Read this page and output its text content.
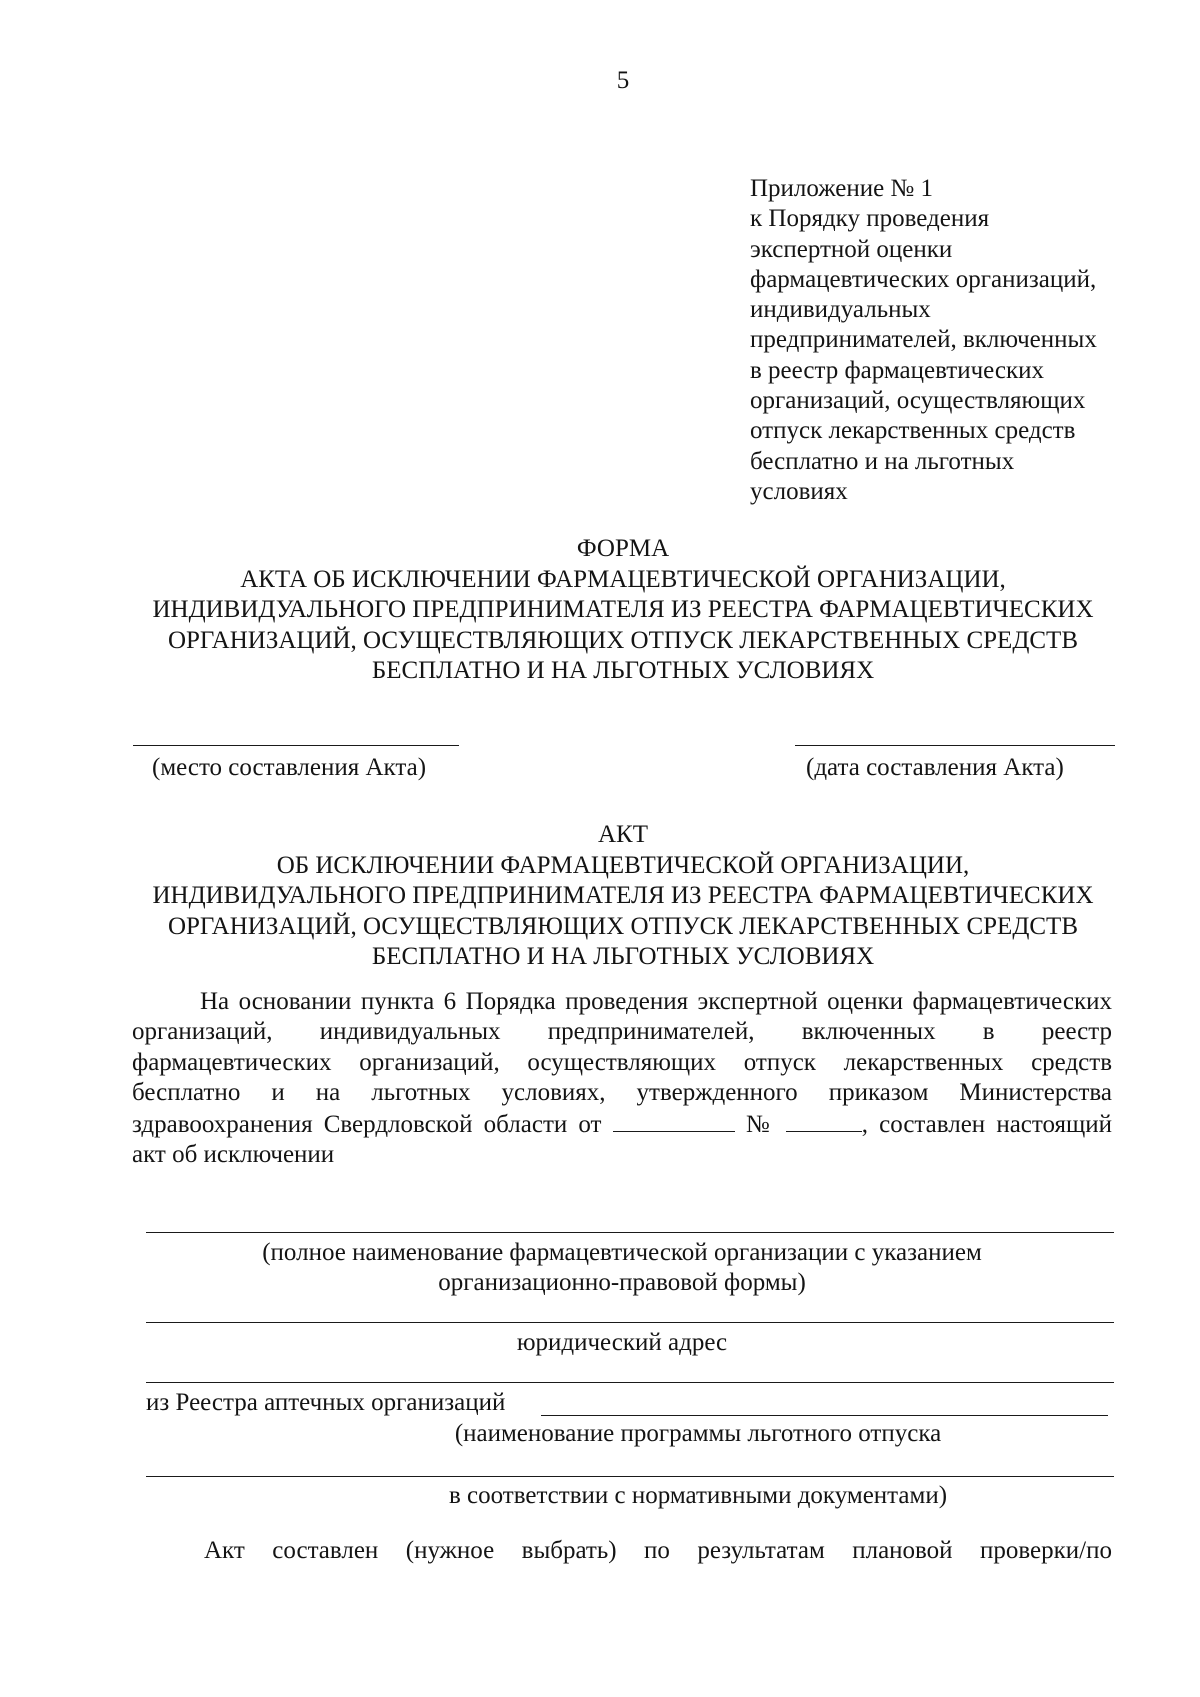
5
Приложение № 1
к Порядку проведения
экспертной оценки
фармацевтических организаций,
индивидуальных
предпринимателей, включенных
в реестр фармацевтических
организаций, осуществляющих
отпуск лекарственных средств
бесплатно и на льготных
условиях
ФОРМА
АКТА ОБ ИСКЛЮЧЕНИИ ФАРМАЦЕВТИЧЕСКОЙ ОРГАНИЗАЦИИ,
ИНДИВИДУАЛЬНОГО ПРЕДПРИНИМАТЕЛЯ ИЗ РЕЕСТРА ФАРМАЦЕВТИЧЕСКИХ
ОРГАНИЗАЦИЙ, ОСУЩЕСТВЛЯЮЩИХ ОТПУСК ЛЕКАРСТВЕННЫХ СРЕДСТВ
БЕСПЛАТНО И НА ЛЬГОТНЫХ УСЛОВИЯХ
(место составления Акта)	(дата составления Акта)
АКТ
ОБ ИСКЛЮЧЕНИИ ФАРМАЦЕВТИЧЕСКОЙ ОРГАНИЗАЦИИ,
ИНДИВИДУАЛЬНОГО ПРЕДПРИНИМАТЕЛЯ ИЗ РЕЕСТРА ФАРМАЦЕВТИЧЕСКИХ
ОРГАНИЗАЦИЙ, ОСУЩЕСТВЛЯЮЩИХ ОТПУСК ЛЕКАРСТВЕННЫХ СРЕДСТВ
БЕСПЛАТНО И НА ЛЬГОТНЫХ УСЛОВИЯХ
На основании пункта 6 Порядка проведения экспертной оценки фармацевтических
организаций, индивидуальных предпринимателей, включенных в реестр
фармацевтических организаций, осуществляющих отпуск лекарственных средств
бесплатно и на льготных условиях, утвержденного приказом Министерства
здравоохранения Свердловской области от	№	, составлен настоящий
акт об исключении
(полное наименование фармацевтической организации с указанием
организационно-правовой формы)
юридический адрес
из Реестра аптечных организаций
(наименование программы льготного отпуска
в соответствии с нормативными документами)
Акт составлен (нужное выбрать) по результатам плановой проверки/по
